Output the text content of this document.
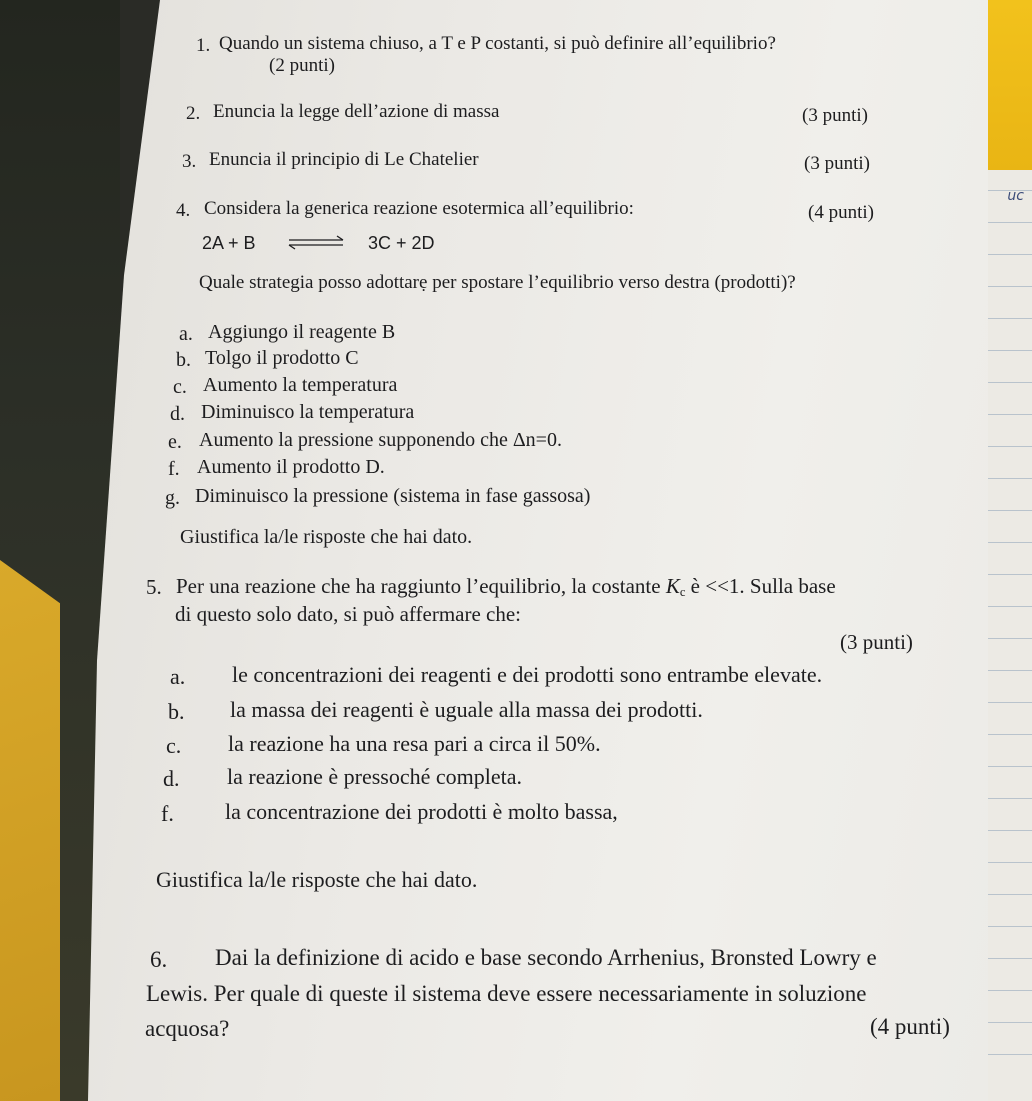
uc
1. Quando un sistema chiuso, a T e P costanti, si può definire all’equilibrio?
(2 punti)
2. Enuncia la legge dell’azione di massa	(3 punti)
3. Enuncia il principio di Le Chatelier	(3 punti)
4. Considera la generica reazione esotermica all’equilibrio:	(4 punti)
2A + B ⇌ 3C + 2D
Quale strategia posso adottarẹ per spostare l’equilibrio verso destra (prodotti)?
a. Aggiungo il reagente B
b. Tolgo il prodotto C
c. Aumento la temperatura
d. Diminuisco la temperatura
e. Aumento la pressione supponendo che Δn=0.
f. Aumento il prodotto D.
g. Diminuisco la pressione (sistema in fase gassosa)
Giustifica la/le risposte che hai dato.
5. Per una reazione che ha raggiunto l’equilibrio, la costante $K_c$ è <<1. Sulla base
di questo solo dato, si può affermare che:
(3 punti)
a. le concentrazioni dei reagenti e dei prodotti sono entrambe elevate.
b. la massa dei reagenti è uguale alla massa dei prodotti.
c. la reazione ha una resa pari a circa il 50%.
d. la reazione è pressoché completa.
f. la concentrazione dei prodotti è molto bassa,
Giustifica la/le risposte che hai dato.
6. Dai la definizione di acido e base secondo Arrhenius, Bronsted Lowry e
Lewis. Per quale di queste il sistema deve essere necessariamente in soluzione
acquosa?	(4 punti)
